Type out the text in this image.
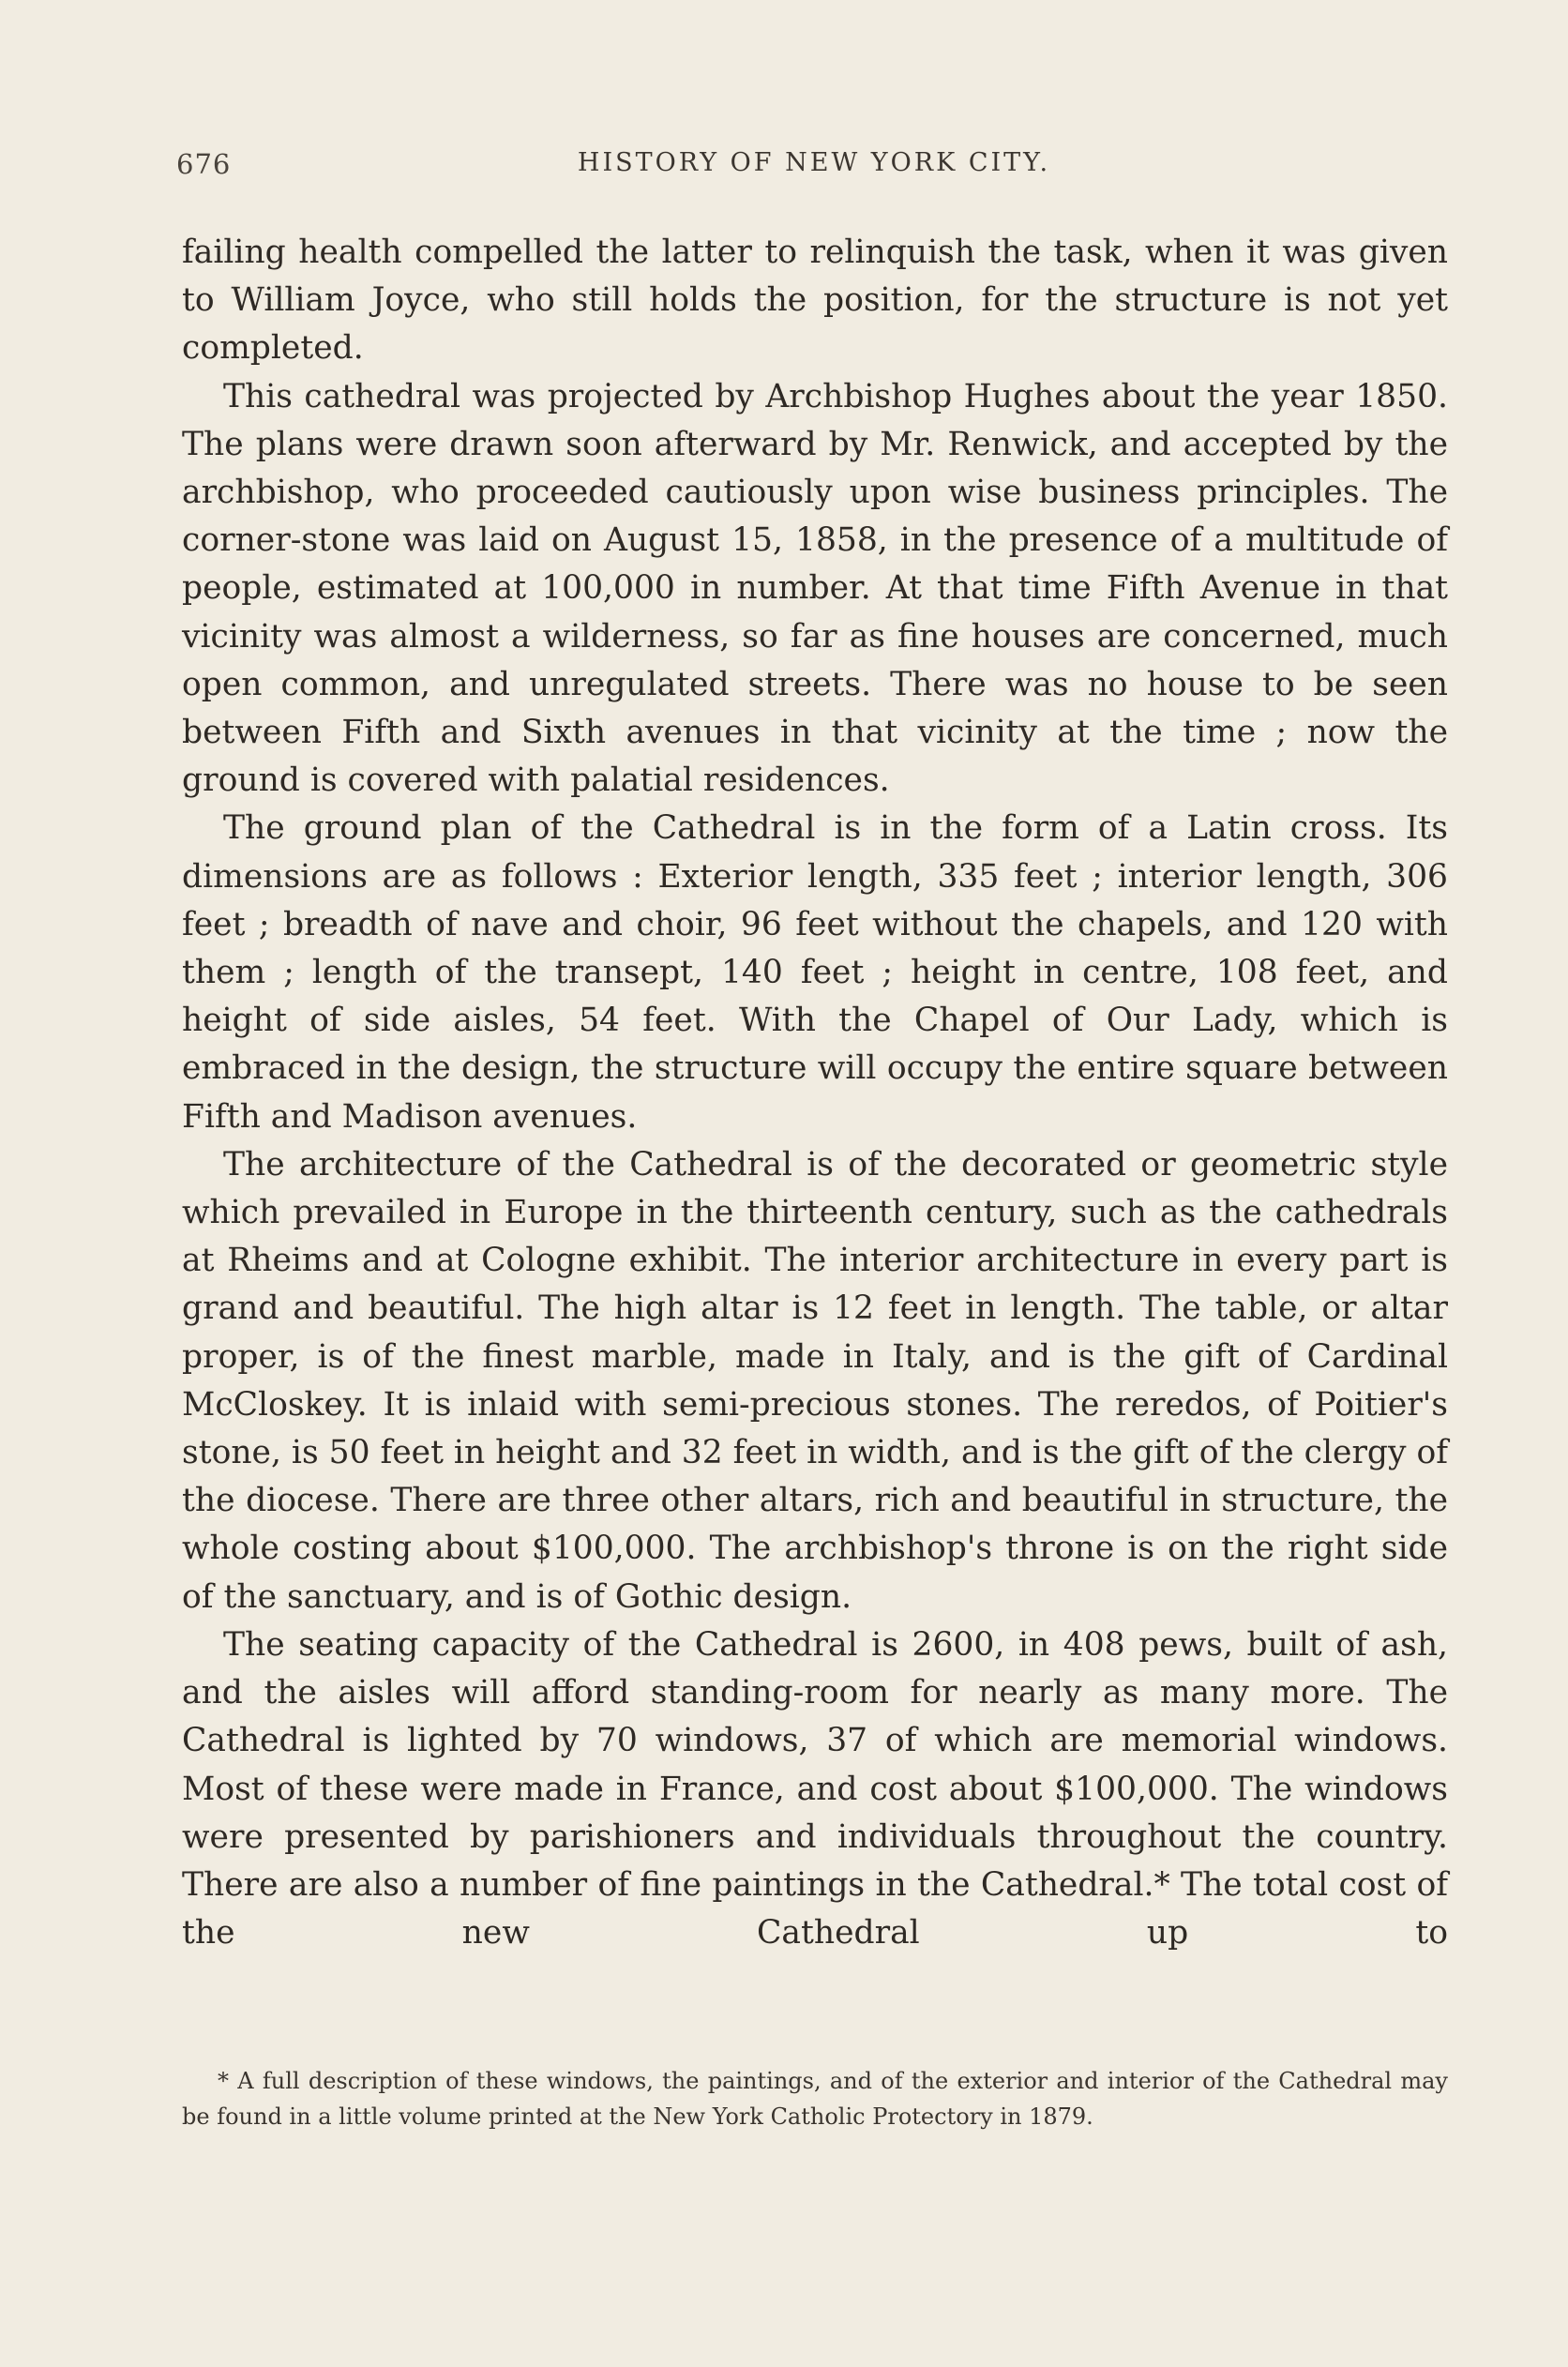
676	HISTORY OF NEW YORK CITY.

failing health compelled the latter to relinquish the task, when it was given to William Joyce, who still holds the position, for the structure is not yet completed.

This cathedral was projected by Archbishop Hughes about the year 1850. The plans were drawn soon afterward by Mr. Renwick, and accepted by the archbishop, who proceeded cautiously upon wise business principles. The corner-stone was laid on August 15, 1858, in the presence of a multitude of people, estimated at 100,000 in number. At that time Fifth Avenue in that vicinity was almost a wilderness, so far as fine houses are concerned, much open common, and unregulated streets. There was no house to be seen between Fifth and Sixth avenues in that vicinity at the time ; now the ground is covered with palatial residences.

The ground plan of the Cathedral is in the form of a Latin cross. Its dimensions are as follows : Exterior length, 335 feet ; interior length, 306 feet ; breadth of nave and choir, 96 feet without the chapels, and 120 with them ; length of the transept, 140 feet ; height in centre, 108 feet, and height of side aisles, 54 feet. With the Chapel of Our Lady, which is embraced in the design, the structure will occupy the entire square between Fifth and Madison avenues.

The architecture of the Cathedral is of the decorated or geometric style which prevailed in Europe in the thirteenth century, such as the cathedrals at Rheims and at Cologne exhibit. The interior architecture in every part is grand and beautiful. The high altar is 12 feet in length. The table, or altar proper, is of the finest marble, made in Italy, and is the gift of Cardinal McCloskey. It is inlaid with semi-precious stones. The reredos, of Poitier's stone, is 50 feet in height and 32 feet in width, and is the gift of the clergy of the diocese. There are three other altars, rich and beautiful in structure, the whole costing about $100,000. The archbishop's throne is on the right side of the sanctuary, and is of Gothic design.

The seating capacity of the Cathedral is 2600, in 408 pews, built of ash, and the aisles will afford standing-room for nearly as many more. The Cathedral is lighted by 70 windows, 37 of which are memorial windows. Most of these were made in France, and cost about $100,000. The windows were presented by parishioners and individuals throughout the country. There are also a number of fine paintings in the Cathedral.* The total cost of the new Cathedral up to

* A full description of these windows, the paintings, and of the exterior and interior of the Cathedral may be found in a little volume printed at the New York Catholic Protectory in 1879.
